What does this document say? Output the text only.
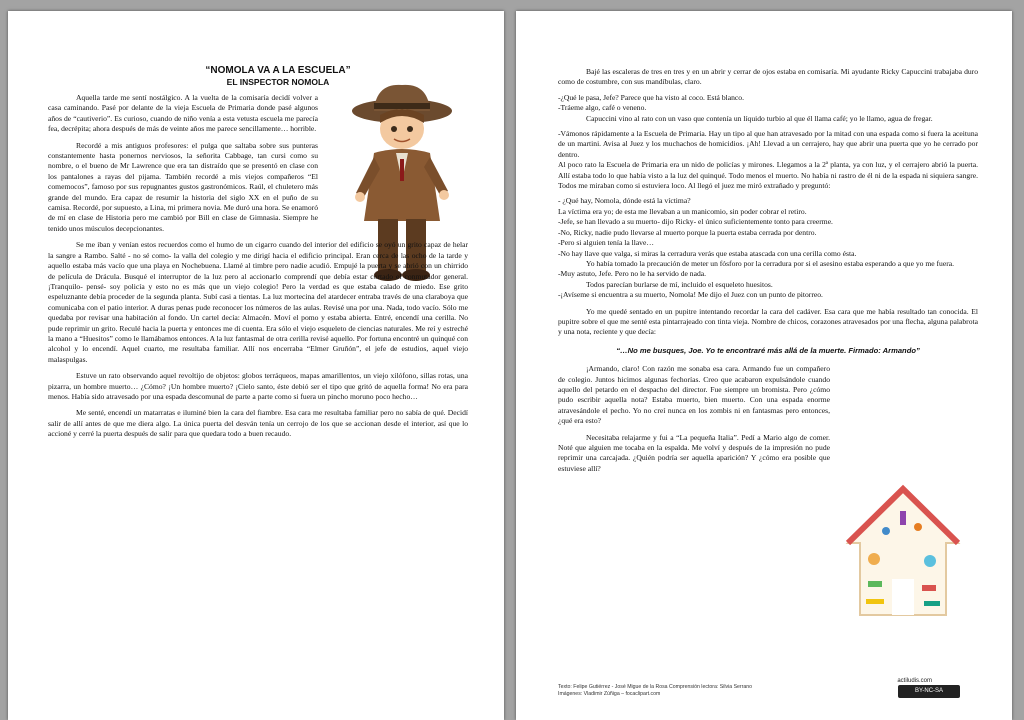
“NOMOLA VA A LA ESCUELA”
EL INSPECTOR NOMOLA

Aquella tarde me sentí nostálgico. A la vuelta de la comisaría decidí volver a casa caminando. Pasé por delante de la vieja Escuela de Primaria donde pasé algunos años de “cautiverio”. Es curioso, cuando de niño venía a esta vetusta escuela me parecía fea, decrépita; ahora después de más de veinte años me parece sencillamente… horrible.

Recordé a mis antiguos profesores: el pulga que saltaba sobre sus punteras constantemente hasta ponernos nerviosos, la señorita Cabbage, tan cursi como su nombre, o el bueno de Mr Lawrence que era tan distraído que se presentó en clase con los pantalones a rayas del pijama. También recordé a mis viejos compañeros “El comemocos”, famoso por sus repugnantes gustos gastronómicos. Raúl, el chuletero más grande del mundo. Era capaz de resumir la historia del siglo XX en el puño de su camisa. Recordé, por supuesto, a Lina, mi primera novia. Me duró una hora. Se enamoró de mí en clase de Historia pero me cambió por Bill en clase de Gimnasia. Siempre he tenido unos músculos decepcionantes.

Se me iban y venían estos recuerdos como el humo de un cigarro cuando del interior del edificio se oyó un grito capaz de helar la sangre a Rambo. Salté - no sé como- la valla del colegio y me dirigí hacia el edificio principal. Eran cerca de las ocho de la tarde y aquello estaba más vacío que una playa en Nochebuena. Llamé al timbre pero nadie acudió. Empujé la puerta y se abrió con un chirrido de película de Drácula. Busqué el interruptor de la luz pero al accionarlo comprendí que debía estar cortado el conmutador general. ¡Tranquilo- pensé- soy policía y esto no es más que un viejo colegio! Pero la verdad es que estaba calado de miedo. Ese grito espeluznante debía proceder de la segunda planta. Subí casi a tientas. La luz mortecina del atardecer entraba través de una claraboya que comunicaba con el patio interior. A duras penas pude reconocer los números de las aulas. Revisé una por una. Nada, todo vacío. Sólo me quedaba por revisar una habitación al fondo. Un cartel decía: Almacén. Moví el pomo y estaba abierta. Entré, encendí una cerilla. No pude reprimir un grito. Reculé hacia la puerta y entonces me di cuenta. Era sólo el viejo esqueleto de ciencias naturales. Me reí y estreché la mano a “Huesitos” como le llamábamos entonces. A la luz fantasmal de otra cerilla revisé aquello. Por fortuna encontré un quinqué con alcohol y lo encendí. Aquel cuarto, me resultaba familiar. Allí nos encerraba “Elmer Gruñón”, el jefe de estudios, aquel viejo malaspulgas.

Estuve un rato observando aquel revoltijo de objetos: globos terráqueos, mapas amarillentos, un viejo xilófono, sillas rotas, una pizarra, un hombre muerto… ¿Cómo? ¡Un hombre muerto? ¡Cielo santo, éste debió ser el tipo que gritó de aquella forma! No era para menos. Había sido atravesado por una espada descomunal de parte a parte como si fuera un pincho moruno poco hecho…

Me senté, encendí un matarratas e iluminé bien la cara del fiambre. Esa cara me resultaba familiar pero no sabía de qué. Decidí salir de allí antes de que me diera algo. La única puerta del desván tenía un cerrojo de los que se accionan desde el interior, así que lo accioné y cerré la puerta después de salir para que quedara todo a buen recaudo.

Bajé las escaleras de tres en tres y en un abrir y cerrar de ojos estaba en comisaría. Mi ayudante Ricky Capuccini trabajaba duro como de costumbre, con sus mandíbulas, claro.

-¿Qué le pasa, Jefe? Parece que ha visto al coco. Está blanco.

-Tráeme algo, café o veneno.

Capuccini vino al rato con un vaso que contenía un líquido turbio al que él llama café; yo le llamo, agua de fregar.

-Vámonos rápidamente a la Escuela de Primaria. Hay un tipo al que han atravesado por la mitad con una espada como si fuera la aceituna de un martini. Avisa al Juez y los muchachos de homicidios. ¡Ah! Llevad a un cerrajero, hay que abrir una puerta que yo he cerrado por dentro.

Al poco rato la Escuela de Primaria era un nido de policías y mirones. Llegamos a la 2ª planta, ya con luz, y el cerrajero abrió la puerta. Allí estaba todo lo que había visto a la luz del quinqué. Todo menos el muerto. No había ni rastro de él ni de la espada ni siquiera sangre. Todos me miraban como si estuviera loco. Al llegó el juez me miró extrañado y preguntó:

- ¿Qué hay, Nomola, dónde está la víctima?

La víctima era yo; de esta me llevaban a un manicomio, sin poder cobrar el retiro.

-Jefe, se han llevado a su muerto- dijo Ricky- el único suficientemente tonto para creerme.

-No, Ricky, nadie pudo llevarse al muerto porque la puerta estaba cerrada por dentro.

-Pero si alguien tenía la llave…

-No hay llave que valga, si miras la cerradura verás que estaba atascada con una cerilla como ésta.

Yo había tomado la precaución de meter un fósforo por la cerradura por si el asesino estaba esperando a que yo me fuera.

-Muy astuto, Jefe. Pero no le ha servido de nada.

Todos parecían burlarse de mí, incluido el esqueleto huesitos.

-¡Avíseme si encuentra a su muerto, Nomola! Me dijo el Juez con un punto de pitorreo.

Yo me quedé sentado en un pupitre intentando recordar la cara del cadáver. Esa cara que me había resultado tan conocida. El pupitre sobre el que me senté esta pintarrajeado con tinta vieja. Nombre de chicos, corazones atravesados por una flecha, alguna palabrota y una nota, reciente y que decía:

“…No me busques, Joe. Yo te encontraré más allá de la muerte. Firmado: Armando”

¡Armando, claro! Con razón me sonaba esa cara. Armando fue un compañero de colegio. Juntos hicimos algunas fechorías. Creo que acabaron expulsándole cuando aquello del petardo en el despacho del director. Fue siempre un bromista. Pero ¿cómo pudo escribir aquella nota? Estaba muerto, bien muerto. Con una espada enorme atravesándole el pecho. Yo no creí nunca en los zombis ni en fantasmas pero entonces, ¿qué era esto?

Necesitaba relajarme y fui a “La pequeña Italia”. Pedí a Mario algo de comer. Noté que alguien me tocaba en la espalda. Me volví y después de la impresión no pude reprimir una carcajada. ¿Quién podría ser aquella aparición? Y ¿cómo era posible que estuviese allí?

actiludis.com
BY-NC-SA
Texto: Felipe Gutiérrez - José Migue de la Rosa Comprensión lectora: Silvia Serrano
Imágenes: Vladimir Zúñiga – focaclipart.com
